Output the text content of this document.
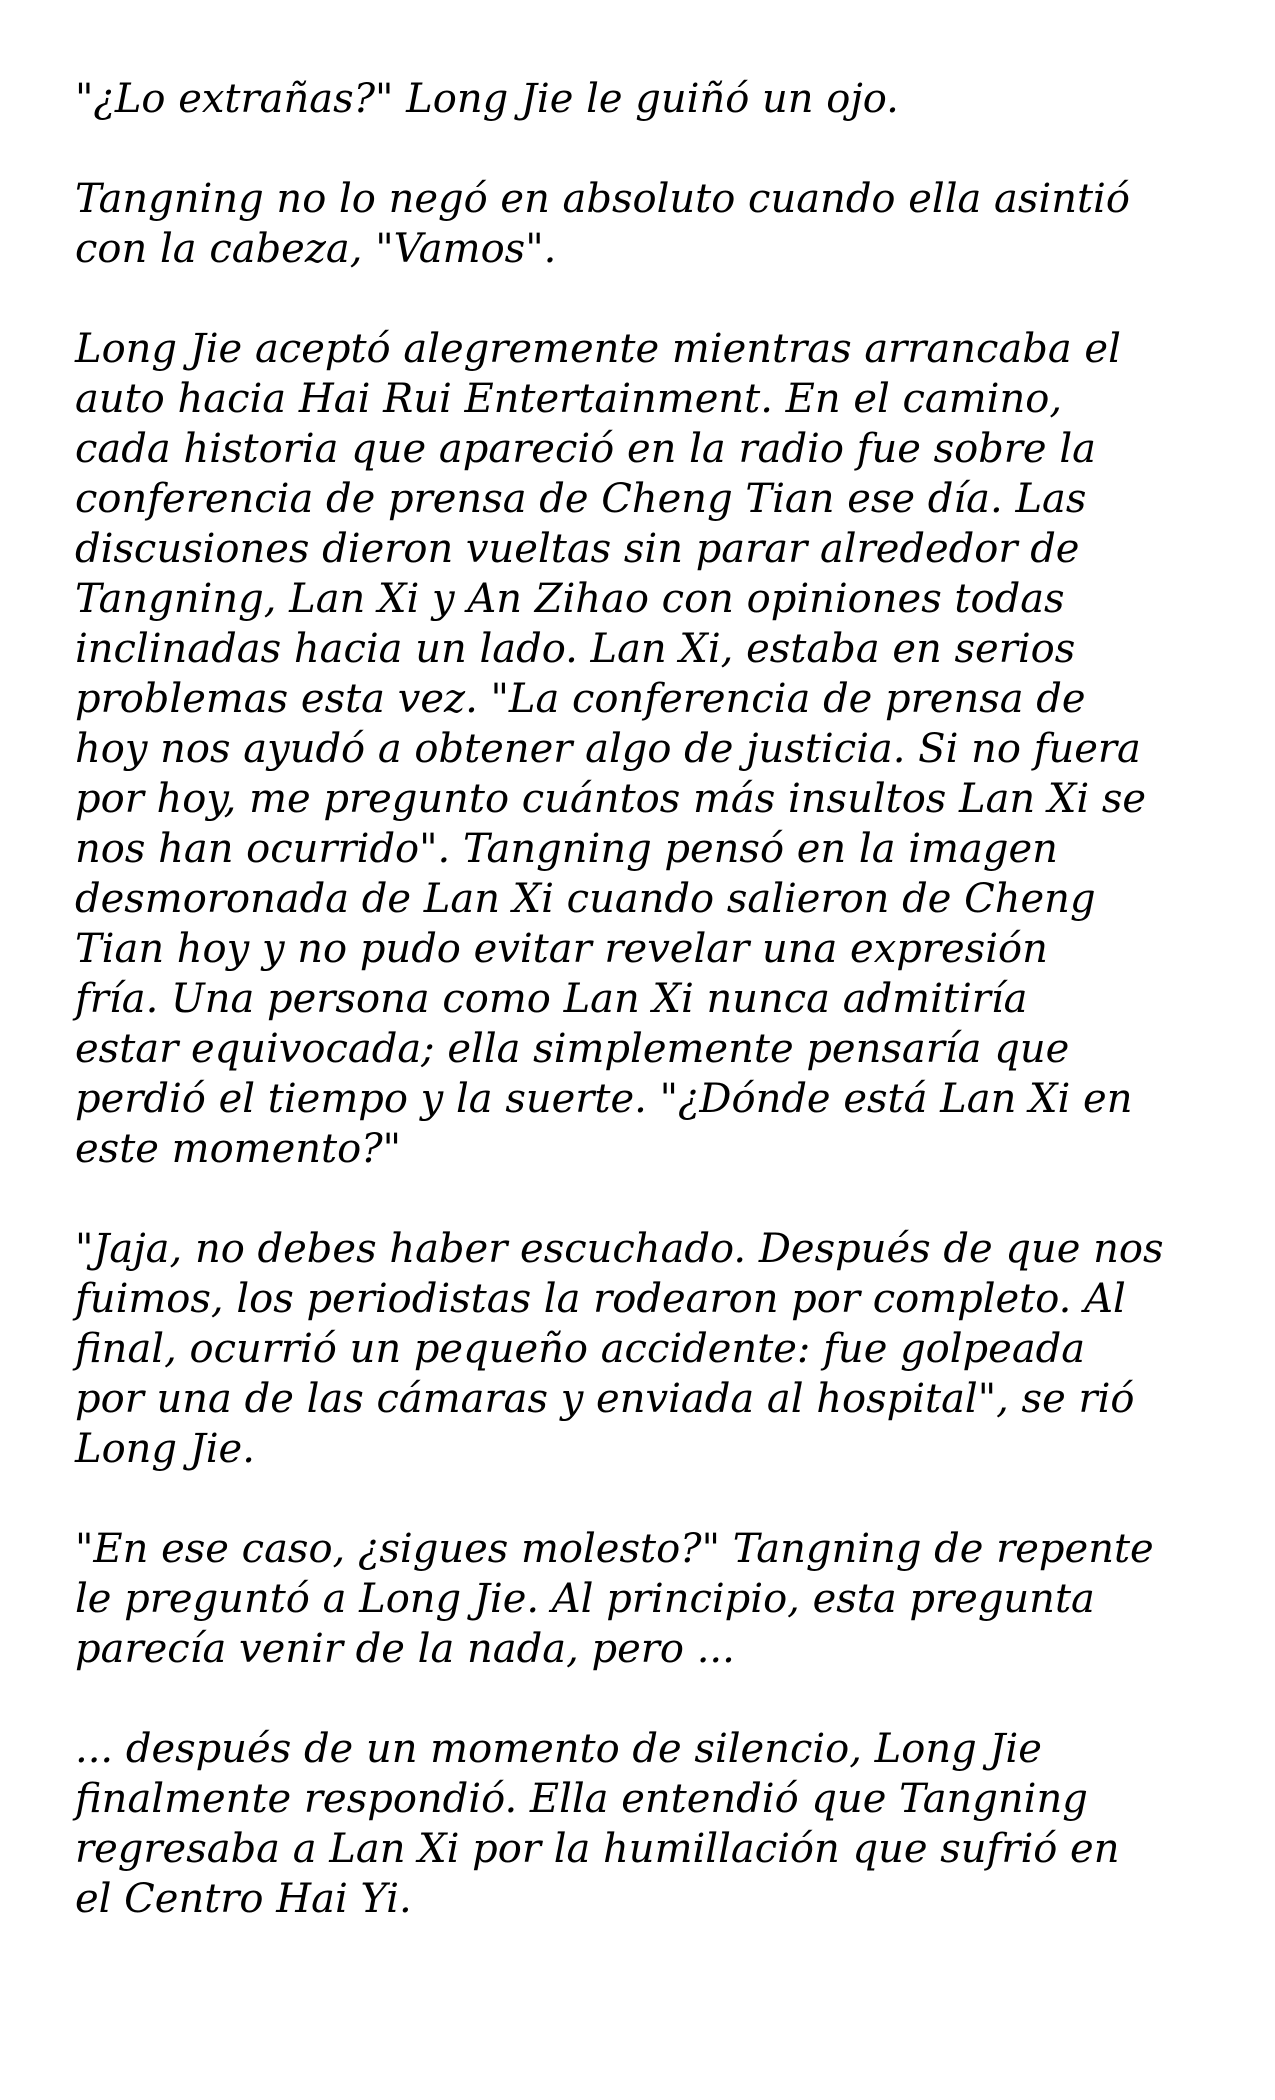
"¿Lo extrañas?" Long Jie le guiñó un ojo.

Tangning no lo negó en absoluto cuando ella asintió
con la cabeza, "Vamos".

Long Jie aceptó alegremente mientras arrancaba el
auto hacia Hai Rui Entertainment. En el camino,
cada historia que apareció en la radio fue sobre la
conferencia de prensa de Cheng Tian ese día. Las
discusiones dieron vueltas sin parar alrededor de
Tangning, Lan Xi y An Zihao con opiniones todas
inclinadas hacia un lado. Lan Xi, estaba en serios
problemas esta vez. "La conferencia de prensa de
hoy nos ayudó a obtener algo de justicia. Si no fuera
por hoy, me pregunto cuántos más insultos Lan Xi se
nos han ocurrido". Tangning pensó en la imagen
desmoronada de Lan Xi cuando salieron de Cheng
Tian hoy y no pudo evitar revelar una expresión
fría. Una persona como Lan Xi nunca admitiría
estar equivocada; ella simplemente pensaría que
perdió el tiempo y la suerte. "¿Dónde está Lan Xi en
este momento?"

"Jaja, no debes haber escuchado. Después de que nos
fuimos, los periodistas la rodearon por completo. Al
final, ocurrió un pequeño accidente: fue golpeada
por una de las cámaras y enviada al hospital", se rió
Long Jie.

"En ese caso, ¿sigues molesto?" Tangning de repente
le preguntó a Long Jie. Al principio, esta pregunta
parecía venir de la nada, pero ...

... después de un momento de silencio, Long Jie
finalmente respondió. Ella entendió que Tangning
regresaba a Lan Xi por la humillación que sufrió en
el Centro Hai Yi.
